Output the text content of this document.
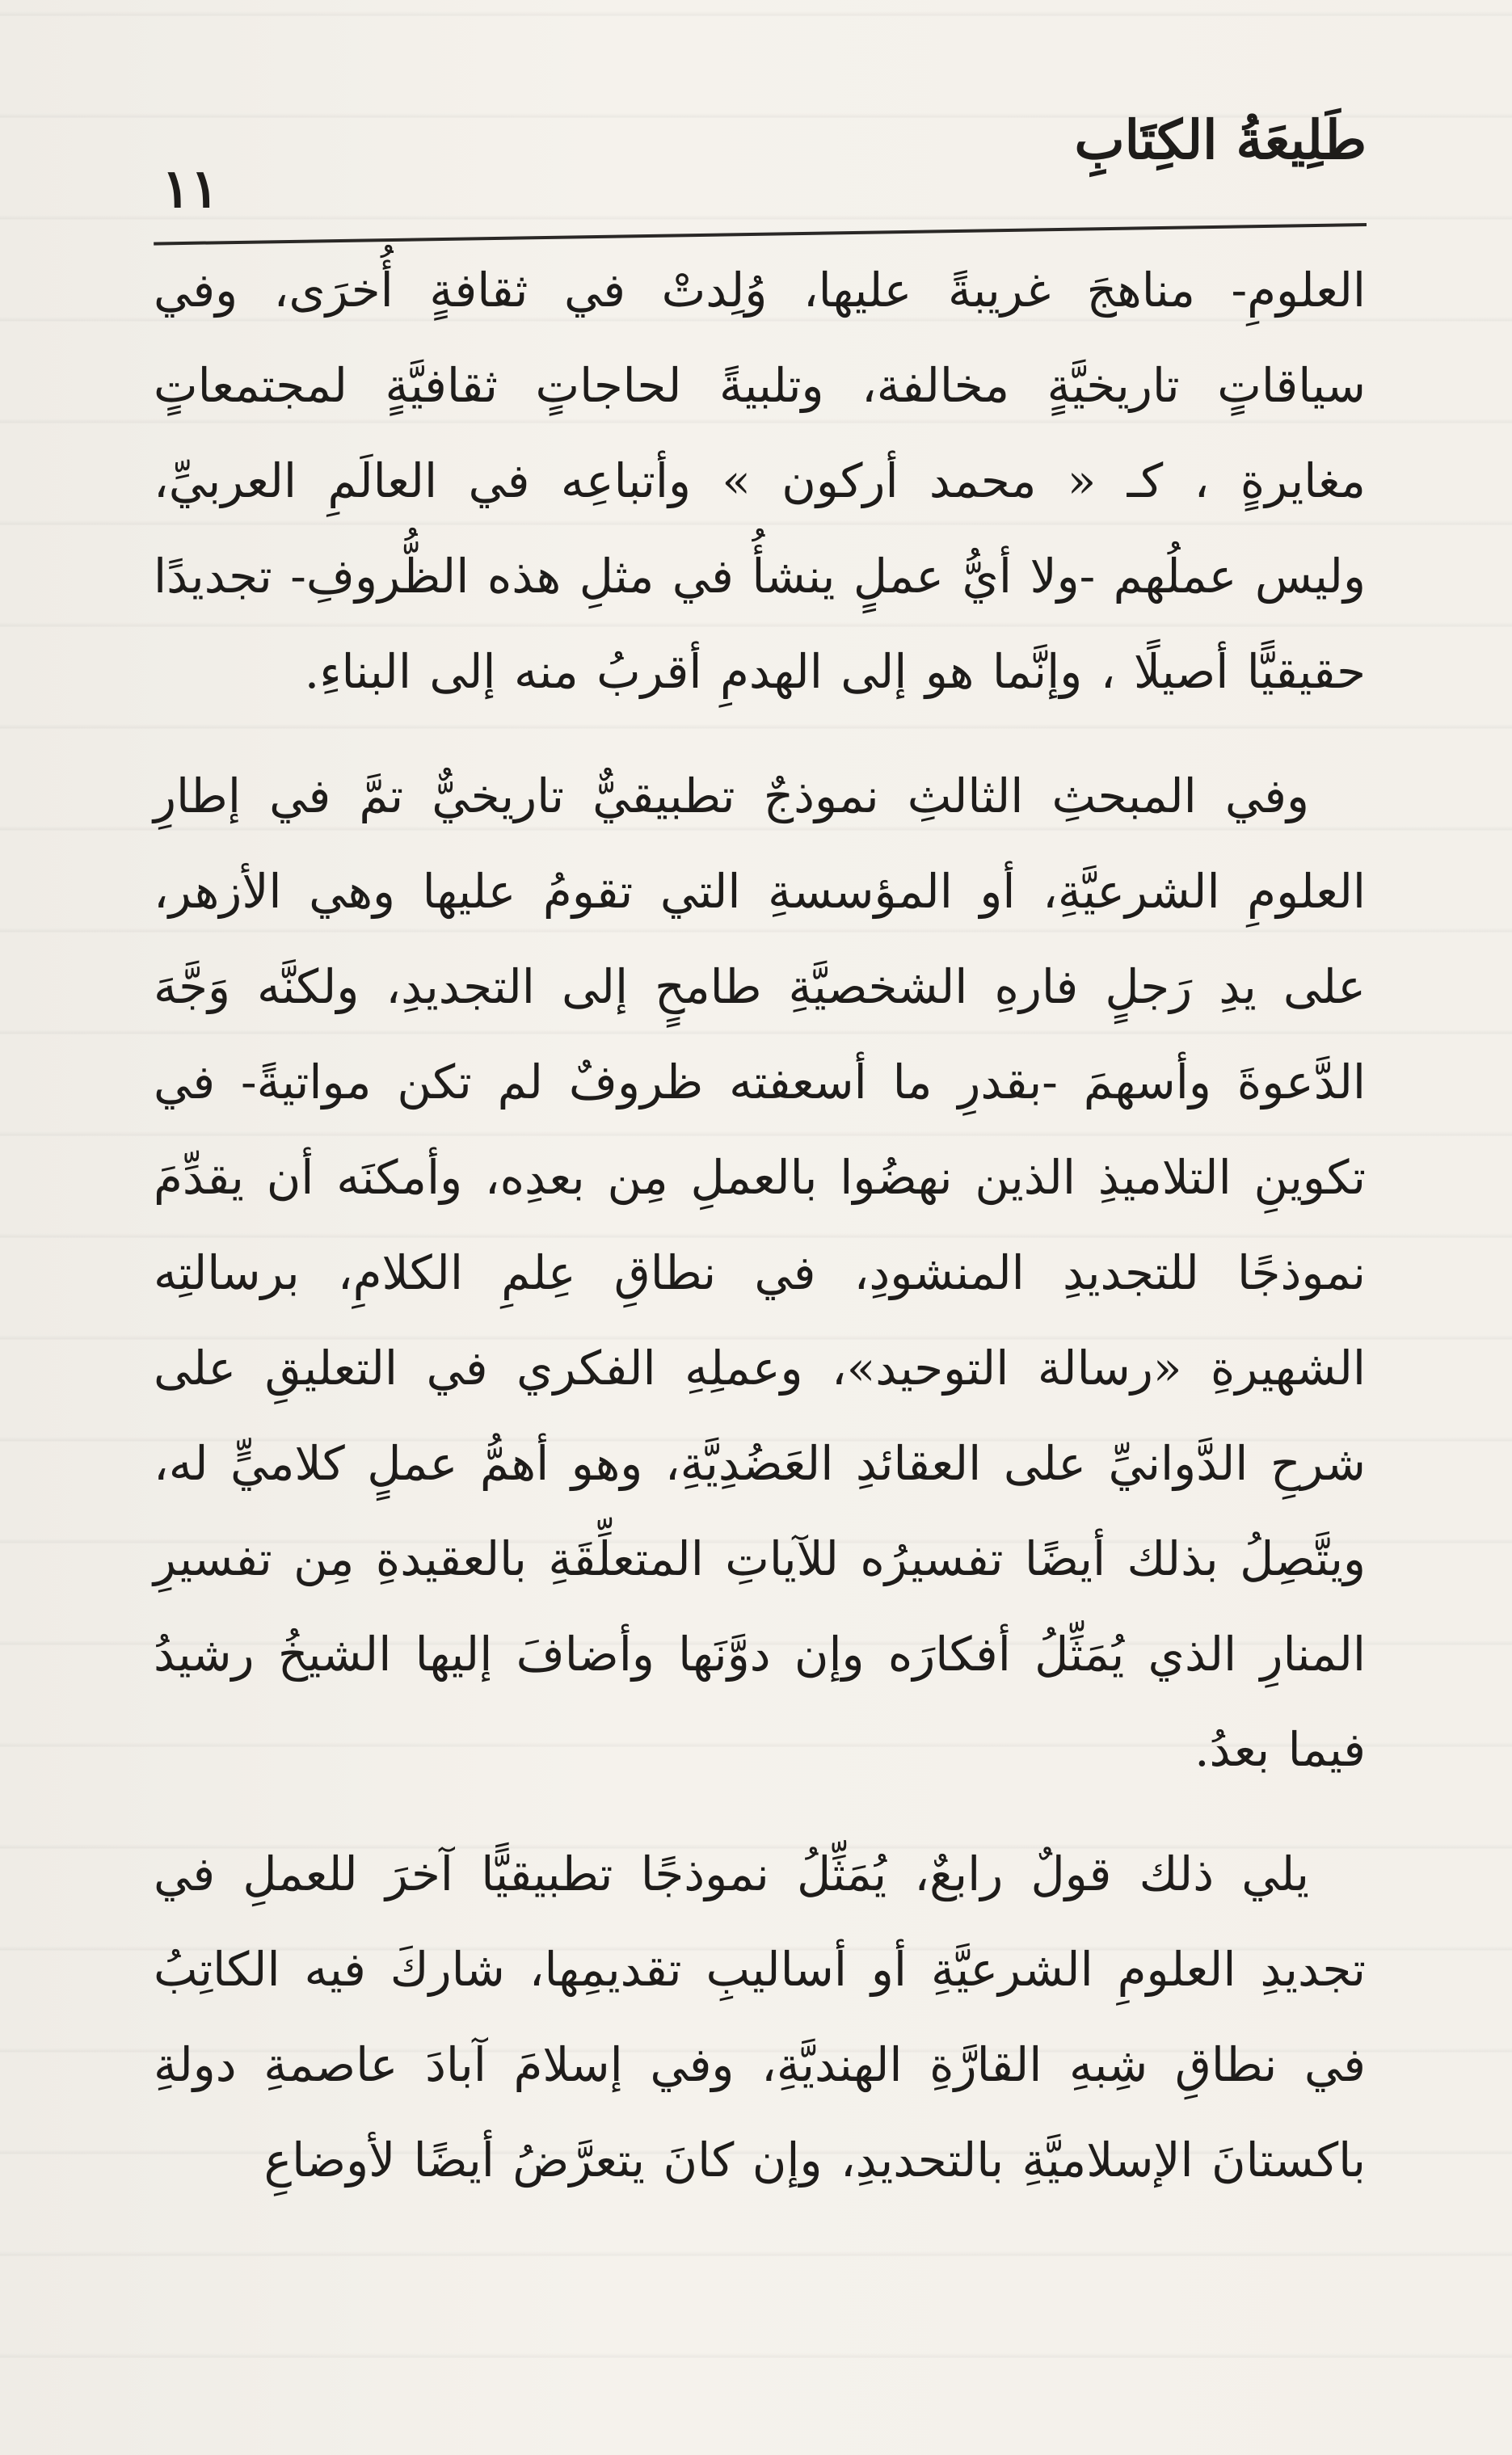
طَلِيعَةُ الكِتَابِ
١١

العلومِ- مناهجَ غريبةً عليها، وُلِدتْ في ثقافةٍ أُخرَى، وفي سياقاتٍ تاريخيَّةٍ مخالفة، وتلبيةً لحاجاتٍ ثقافيَّةٍ لمجتمعاتٍ مغايرةٍ ، كـ « محمد أركون » وأتباعِه في العالَمِ العربيِّ، وليس عملُهم -ولا أيُّ عملٍ ينشأُ في مثلِ هذه الظُّروفِ- تجديدًا حقيقيًّا أصيلًا ، وإنَّما هو إلى الهدمِ أقربُ منه إلى البناءِ.

وفي المبحثِ الثالثِ نموذجٌ تطبيقيٌّ تاريخيٌّ تمَّ في إطارِ العلومِ الشرعيَّةِ، أو المؤسسةِ التي تقومُ عليها وهي الأزهر، على يدِ رَجلٍ فارهِ الشخصيَّةِ طامحٍ إلى التجديدِ، ولكنَّه وَجَّهَ الدَّعوةَ وأسهمَ -بقدرِ ما أسعفته ظروفٌ لم تكن مواتيةً- في تكوينِ التلاميذِ الذين نهضُوا بالعملِ مِن بعدِه، وأمكنَه أن يقدِّمَ نموذجًا للتجديدِ المنشودِ، في نطاقِ عِلمِ الكلامِ، برسالتِه الشهيرةِ «رسالة التوحيد»، وعملِهِ الفكري في التعليقِ على شرحِ الدَّوانيِّ على العقائدِ العَضُدِيَّةِ، وهو أهمُّ عملٍ كلاميٍّ له، ويتَّصِلُ بذلك أيضًا تفسيرُه للآياتِ المتعلِّقَةِ بالعقيدةِ مِن تفسيرِ المنارِ الذي يُمَثِّلُ أفكارَه وإن دوَّنَها وأضافَ إليها الشيخُ رشيدُ فيما بعدُ.

يلي ذلك قولٌ رابعٌ، يُمَثِّلُ نموذجًا تطبيقيًّا آخرَ للعملِ في تجديدِ العلومِ الشرعيَّةِ أو أساليبِ تقديمِها، شاركَ فيه الكاتِبُ في نطاقِ شِبهِ القارَّةِ الهنديَّةِ، وفي إسلامَ آبادَ عاصمةِ دولةِ باكستانَ الإسلاميَّةِ بالتحديدِ، وإن كانَ يتعرَّضُ أيضًا لأوضاعِ
